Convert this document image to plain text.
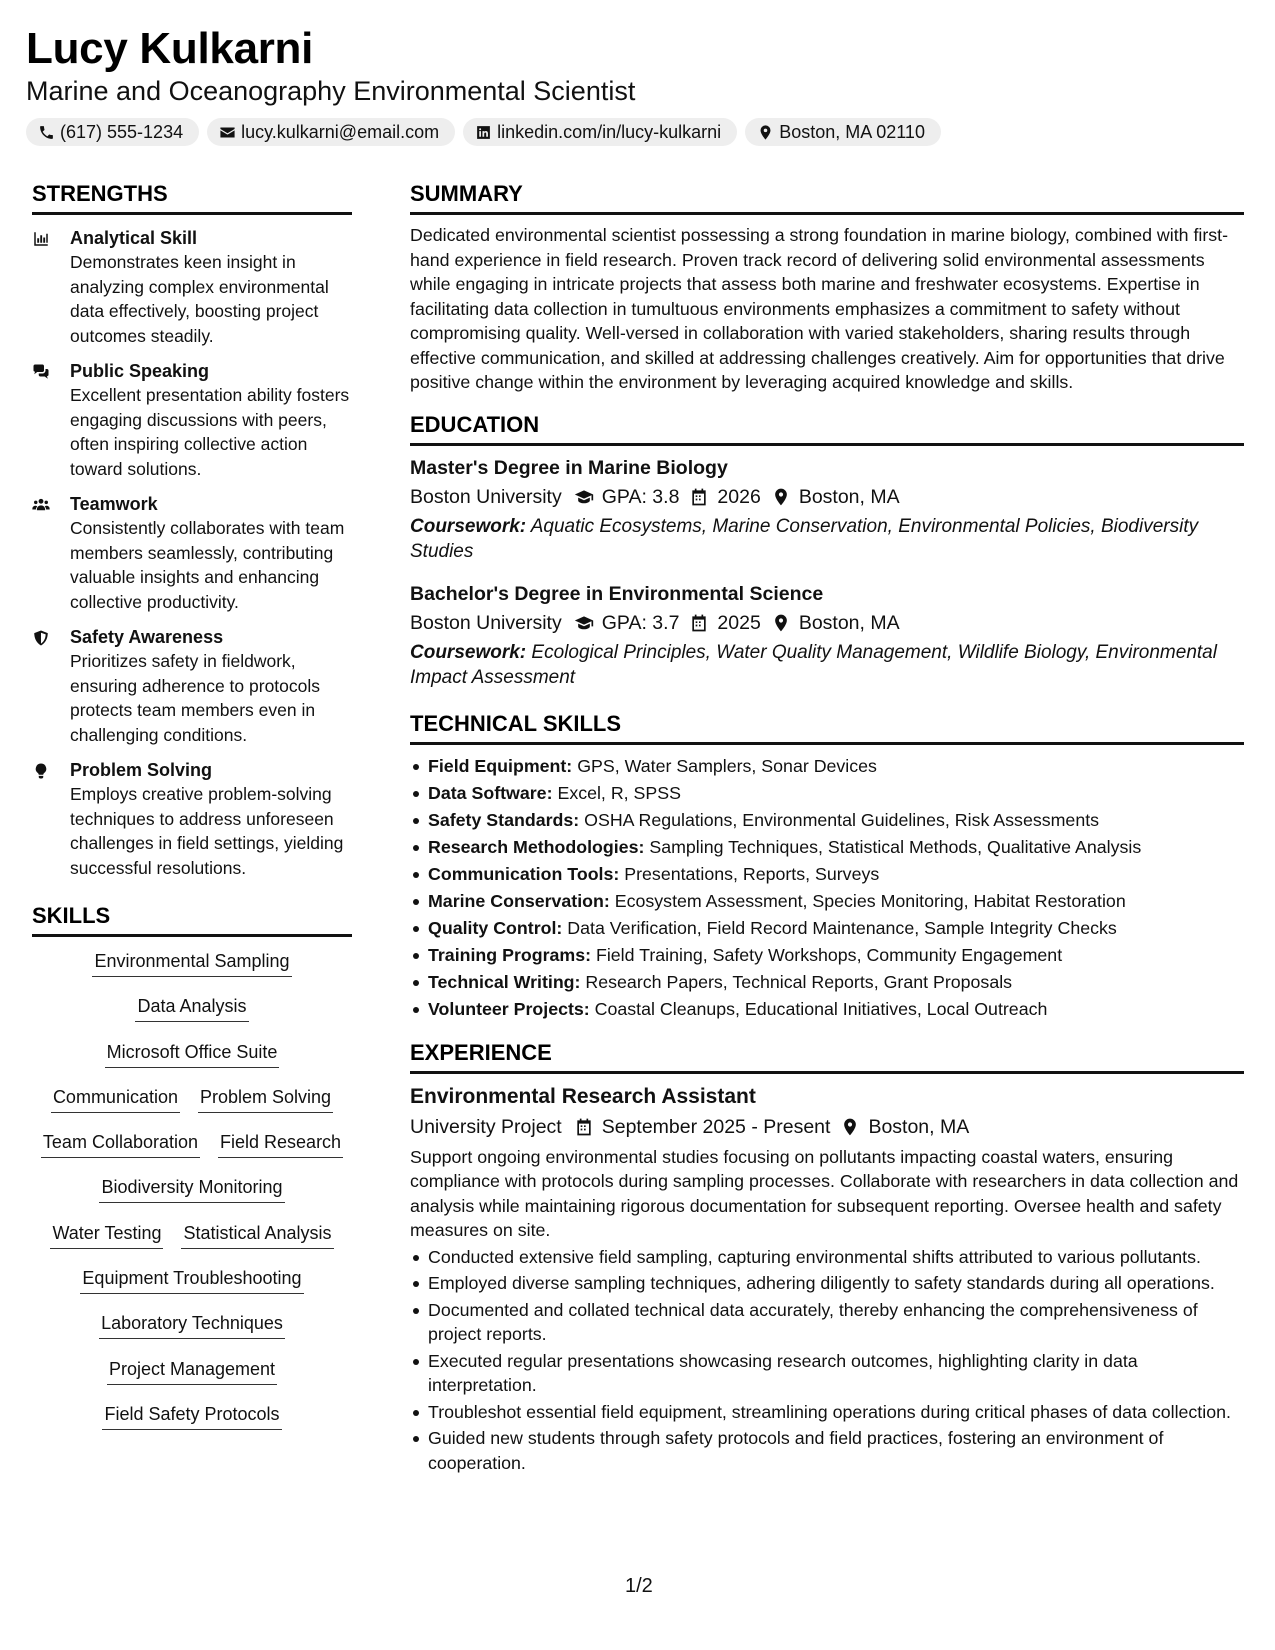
Lucy Kulkarni
Marine and Oceanography Environmental Scientist
(617) 555-1234	lucy.kulkarni@email.com	linkedin.com/in/lucy-kulkarni	Boston, MA 02110
STRENGTHS
Analytical Skill
Demonstrates keen insight in analyzing complex environmental data effectively, boosting project outcomes steadily.
Public Speaking
Excellent presentation ability fosters engaging discussions with peers, often inspiring collective action toward solutions.
Teamwork
Consistently collaborates with team members seamlessly, contributing valuable insights and enhancing collective productivity.
Safety Awareness
Prioritizes safety in fieldwork, ensuring adherence to protocols protects team members even in challenging conditions.
Problem Solving
Employs creative problem-solving techniques to address unforeseen challenges in field settings, yielding successful resolutions.
SKILLS
Environmental Sampling
Data Analysis
Microsoft Office Suite
Communication Problem Solving
Team Collaboration Field Research
Biodiversity Monitoring
Water Testing Statistical Analysis
Equipment Troubleshooting
Laboratory Techniques
Project Management
Field Safety Protocols
SUMMARY
Dedicated environmental scientist possessing a strong foundation in marine biology, combined with first-hand experience in field research. Proven track record of delivering solid environmental assessments while engaging in intricate projects that assess both marine and freshwater ecosystems. Expertise in facilitating data collection in tumultuous environments emphasizes a commitment to safety without compromising quality. Well-versed in collaboration with varied stakeholders, sharing results through effective communication, and skilled at addressing challenges creatively. Aim for opportunities that drive positive change within the environment by leveraging acquired knowledge and skills.
EDUCATION
Master's Degree in Marine Biology
Boston University GPA: 3.8 2026 Boston, MA
Coursework: Aquatic Ecosystems, Marine Conservation, Environmental Policies, Biodiversity Studies
Bachelor's Degree in Environmental Science
Boston University GPA: 3.7 2025 Boston, MA
Coursework: Ecological Principles, Water Quality Management, Wildlife Biology, Environmental Impact Assessment
TECHNICAL SKILLS
Field Equipment: GPS, Water Samplers, Sonar Devices
Data Software: Excel, R, SPSS
Safety Standards: OSHA Regulations, Environmental Guidelines, Risk Assessments
Research Methodologies: Sampling Techniques, Statistical Methods, Qualitative Analysis
Communication Tools: Presentations, Reports, Surveys
Marine Conservation: Ecosystem Assessment, Species Monitoring, Habitat Restoration
Quality Control: Data Verification, Field Record Maintenance, Sample Integrity Checks
Training Programs: Field Training, Safety Workshops, Community Engagement
Technical Writing: Research Papers, Technical Reports, Grant Proposals
Volunteer Projects: Coastal Cleanups, Educational Initiatives, Local Outreach
EXPERIENCE
Environmental Research Assistant
University Project September 2025 - Present Boston, MA
Support ongoing environmental studies focusing on pollutants impacting coastal waters, ensuring compliance with protocols during sampling processes. Collaborate with researchers in data collection and analysis while maintaining rigorous documentation for subsequent reporting. Oversee health and safety measures on site.
Conducted extensive field sampling, capturing environmental shifts attributed to various pollutants.
Employed diverse sampling techniques, adhering diligently to safety standards during all operations.
Documented and collated technical data accurately, thereby enhancing the comprehensiveness of project reports.
Executed regular presentations showcasing research outcomes, highlighting clarity in data interpretation.
Troubleshot essential field equipment, streamlining operations during critical phases of data collection.
Guided new students through safety protocols and field practices, fostering an environment of cooperation.
1/2
